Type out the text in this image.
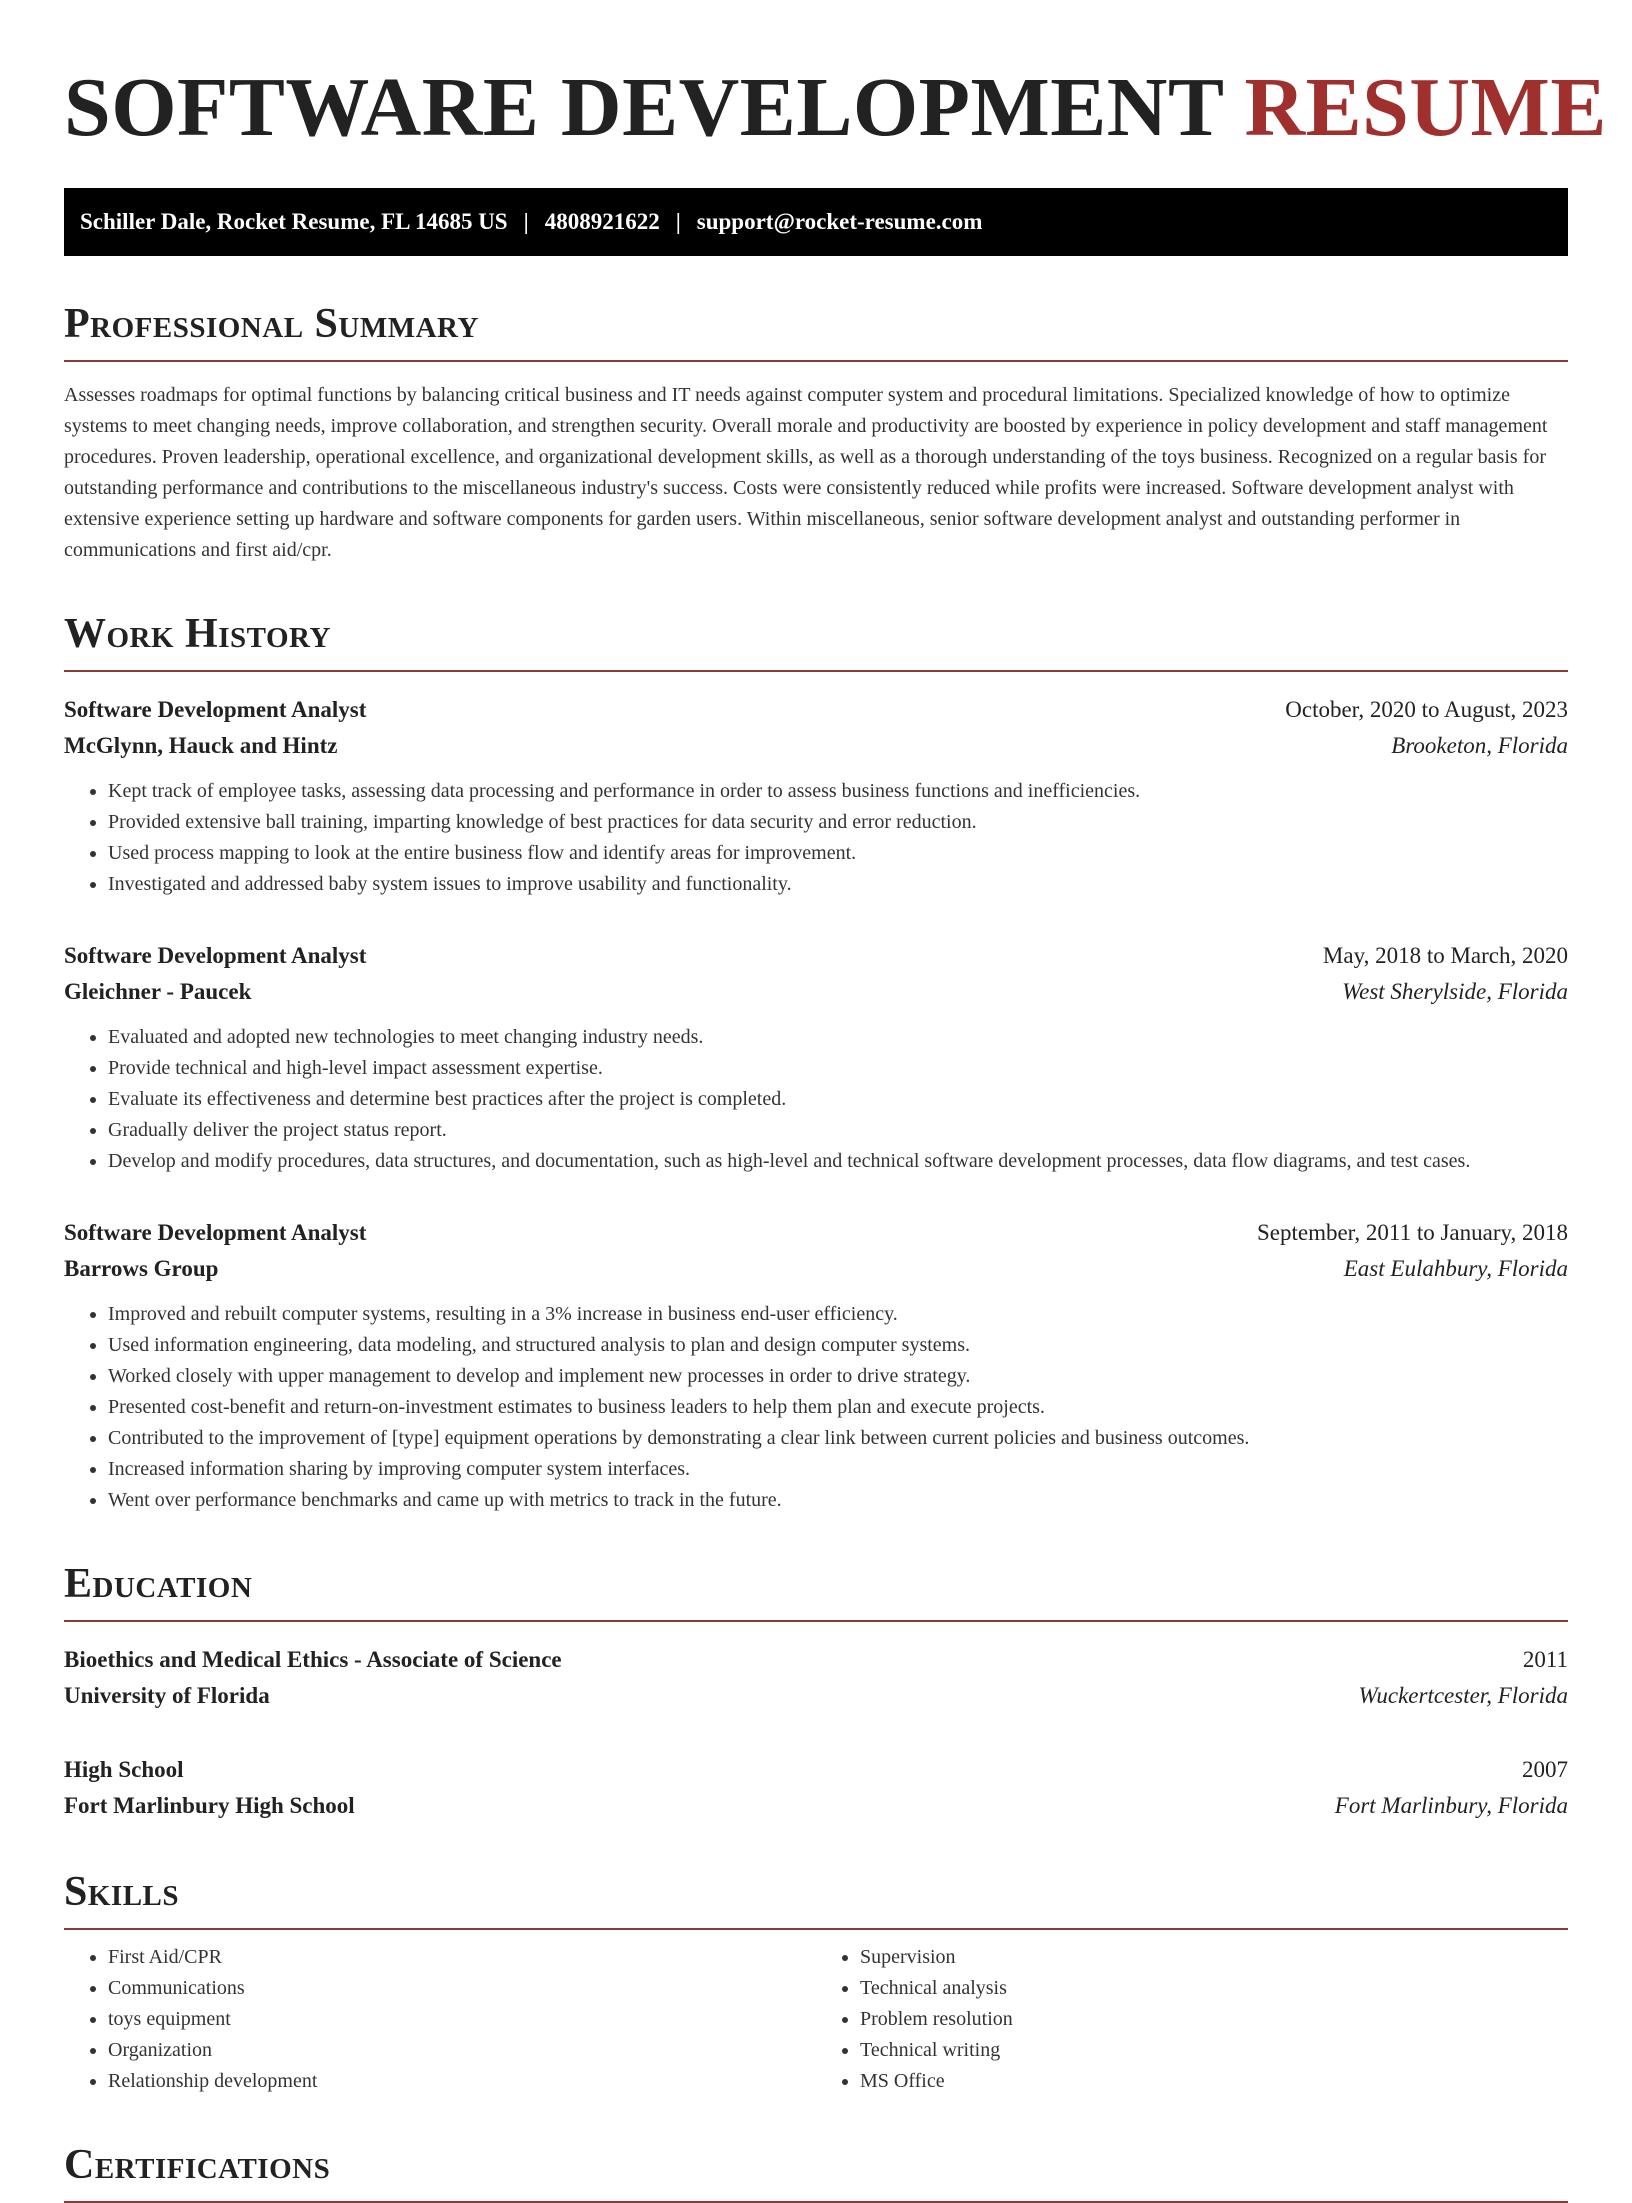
SOFTWARE DEVELOPMENT RESUME
Schiller Dale, Rocket Resume, FL 14685 US | 4808921622 | support@rocket-resume.com
Professional Summary

Assesses roadmaps for optimal functions by balancing critical business and IT needs against computer system and procedural limitations. Specialized knowledge of how to optimize systems to meet changing needs, improve collaboration, and strengthen security. Overall morale and productivity are boosted by experience in policy development and staff management procedures. Proven leadership, operational excellence, and organizational development skills, as well as a thorough understanding of the toys business. Recognized on a regular basis for outstanding performance and contributions to the miscellaneous industry's success. Costs were consistently reduced while profits were increased. Software development analyst with extensive experience setting up hardware and software components for garden users. Within miscellaneous, senior software development analyst and outstanding performer in communications and first aid/cpr.

Work History
Software Development Analyst	October, 2020 to August, 2023
McGlynn, Hauck and Hintz	Brooketon, Florida
• Kept track of employee tasks, assessing data processing and performance in order to assess business functions and inefficiencies.
• Provided extensive ball training, imparting knowledge of best practices for data security and error reduction.
• Used process mapping to look at the entire business flow and identify areas for improvement.
• Investigated and addressed baby system issues to improve usability and functionality.
Software Development Analyst	May, 2018 to March, 2020
Gleichner - Paucek	West Sherylside, Florida
• Evaluated and adopted new technologies to meet changing industry needs.
• Provide technical and high-level impact assessment expertise.
• Evaluate its effectiveness and determine best practices after the project is completed.
• Gradually deliver the project status report.
• Develop and modify procedures, data structures, and documentation, such as high-level and technical software development processes, data flow diagrams, and test cases.
Software Development Analyst	September, 2011 to January, 2018
Barrows Group	East Eulahbury, Florida
• Improved and rebuilt computer systems, resulting in a 3% increase in business end-user efficiency.
• Used information engineering, data modeling, and structured analysis to plan and design computer systems.
• Worked closely with upper management to develop and implement new processes in order to drive strategy.
• Presented cost-benefit and return-on-investment estimates to business leaders to help them plan and execute projects.
• Contributed to the improvement of [type] equipment operations by demonstrating a clear link between current policies and business outcomes.
• Increased information sharing by improving computer system interfaces.
• Went over performance benchmarks and came up with metrics to track in the future.
Education
Bioethics and Medical Ethics - Associate of Science	2011
University of Florida	Wuckertcester, Florida
High School	2007
Fort Marlinbury High School	Fort Marlinbury, Florida
Skills
• First Aid/CPR
• Communications
• toys equipment
• Organization
• Relationship development
• Supervision
• Technical analysis
• Problem resolution
• Technical writing
• MS Office
Certifications
